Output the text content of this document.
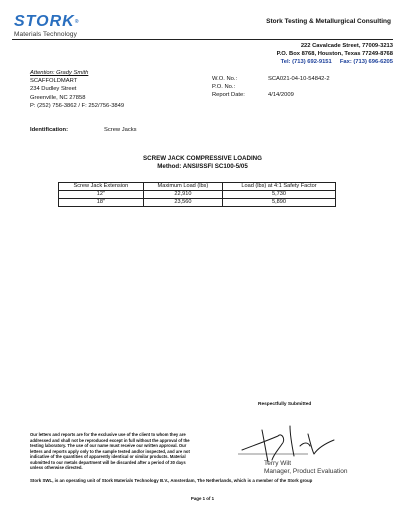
STORK®
Materials Technology
Stork Testing & Metallurgical Consulting
222 Cavalcade Street, 77009-3213
P.O. Box 8768, Houston, Texas 77249-8768
Tel: (713) 692-9151 Fax: (713) 696-6205
Attention: Grady Smith
SCAFFOLDMART
234 Dudley Street
Greenville, NC 27858
P: (252) 756-3862 / F: 252/756-3849
W.O. No.:	SCA021-04-10-54842-2
P.O. No.:
Report Date:	4/14/2009
Identification:	Screw Jacks
SCREW JACK COMPRESSIVE LOADING
Method: ANSI/SSFI SC100-5/05
Screw Jack Extension	Maximum Load (lbs)	Load (lbs) at 4:1 Safety Factor
12"	22,910	5,730
18"	23,560	5,890
Respectfully Submitted
Terry Wilt
Manager, Product Evaluation
Our letters and reports are for the exclusive use of the client to whom they are addressed and shall not be reproduced except in full without the approval of the testing laboratory. The use of our name must receive our written approval. Our letters and reports apply only to the sample tested and/or inspected, and are not indicative of the quantities of apparently identical or similar products. Material submitted to our metals department will be discarded after a period of 30 days unless otherwise directed.
Stork SWL, is an operating unit of Stork Materials Technology B.V., Amsterdam, The Netherlands, which is a member of the Stork group
Page 1 of 1
